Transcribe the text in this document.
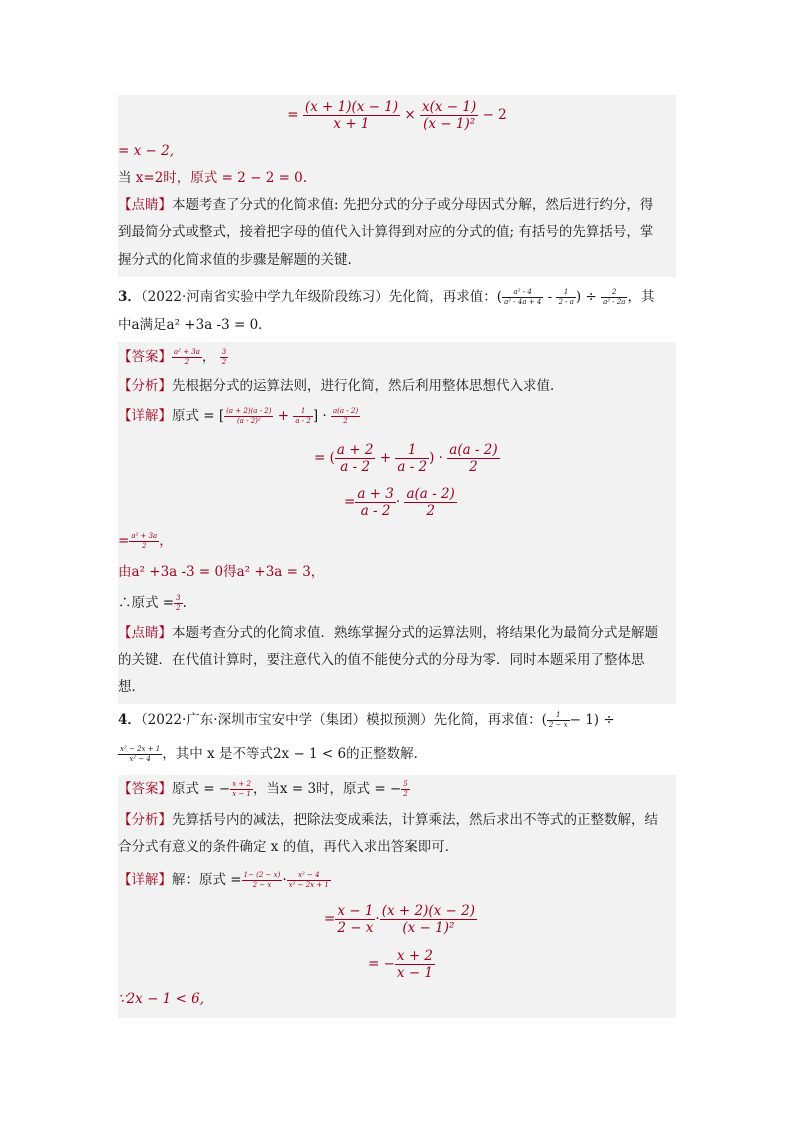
= $\frac{(x + 1)(x - 1)}{x + 1} \times \frac{x(x - 1)}{\text{(x − 1)²}} - 2$
= x − 2,
当 x=2时，原式 = 2 − 2 = 0.
【点睛】本题考查了分式的化简求值: 先把分式的分子或分母因式分解，然后进行约分，得
到最简分式或整式，接着把字母的值代入计算得到对应的分式的值; 有括号的先算括号，掌
握分式的化简求值的步骤是解题的关键.
3．（2022·河南省实验中学九年级阶段练习）先化简，再求值：( $\frac{\text{a² - 4}}{\text{a² - 4a + 4}} - \frac{1}{2 - a}$ ) ÷ $\frac{2}{\text{a² - 2a}}$ ，其
中a满足a² +3a -3 = 0．
【答案】 $\frac{\text{a² + 3a}}{2}$ ， $\frac{3}{2}$
【分析】先根据分式的运算法则，进行化简，然后利用整体思想代入求值．
【详解】原式 = [ $\frac{(a + 2)(a - 2)}{\text{(a - 2)²}} + \frac{1}{a - 2}$ ] · $\frac{a(a - 2)}{2}$
= ( $\frac{a + 2}{a - 2} + \frac{1}{a - 2}$ ) · $\frac{a(a - 2)}{2}$
= $\frac{a + 3}{a - 2} \cdot \frac{a(a - 2)}{2}$
= $\frac{\text{a² + 3a}}{2}$ ，
由a² +3a -3 = 0得a² +3a = 3，
∴原式 = $\frac{3}{2}$ .
【点睛】本题考查分式的化简求值．熟练掌握分式的运算法则，将结果化为最简分式是解题
的关键．在代值计算时，要注意代入的值不能使分式的分母为零．同时本题采用了整体思
想．
4．（2022·广东·深圳市宝安中学（集团）模拟预测）先化简，再求值：( $\frac{1}{2 - x} - 1$) ÷
$\frac{\text{x² − 2x + 1}}{\text{x² − 4}}$ ，其中 x 是不等式2x − 1 < 6的正整数解．
【答案】原式 = − $\frac{x + 2}{x - 1}$ ，当x = 3时，原式 = − $\frac{5}{2}$
【分析】先算括号内的减法，把除法变成乘法，计算乘法，然后求出不等式的正整数解，结
合分式有意义的条件确定 x 的值，再代入求出答案即可．
【详解】解：原式 = $\frac{1- (2 - x)}{2 - x} \cdot \frac{\text{x² − 4}}{\text{x² − 2x + 1}}$
= $\frac{x - 1}{2 - x} \cdot \frac{(x + 2)(x - 2)}{\text{(x − 1)²}}$
= − $\frac{x + 2}{x - 1}$
∵2x − 1 < 6,
